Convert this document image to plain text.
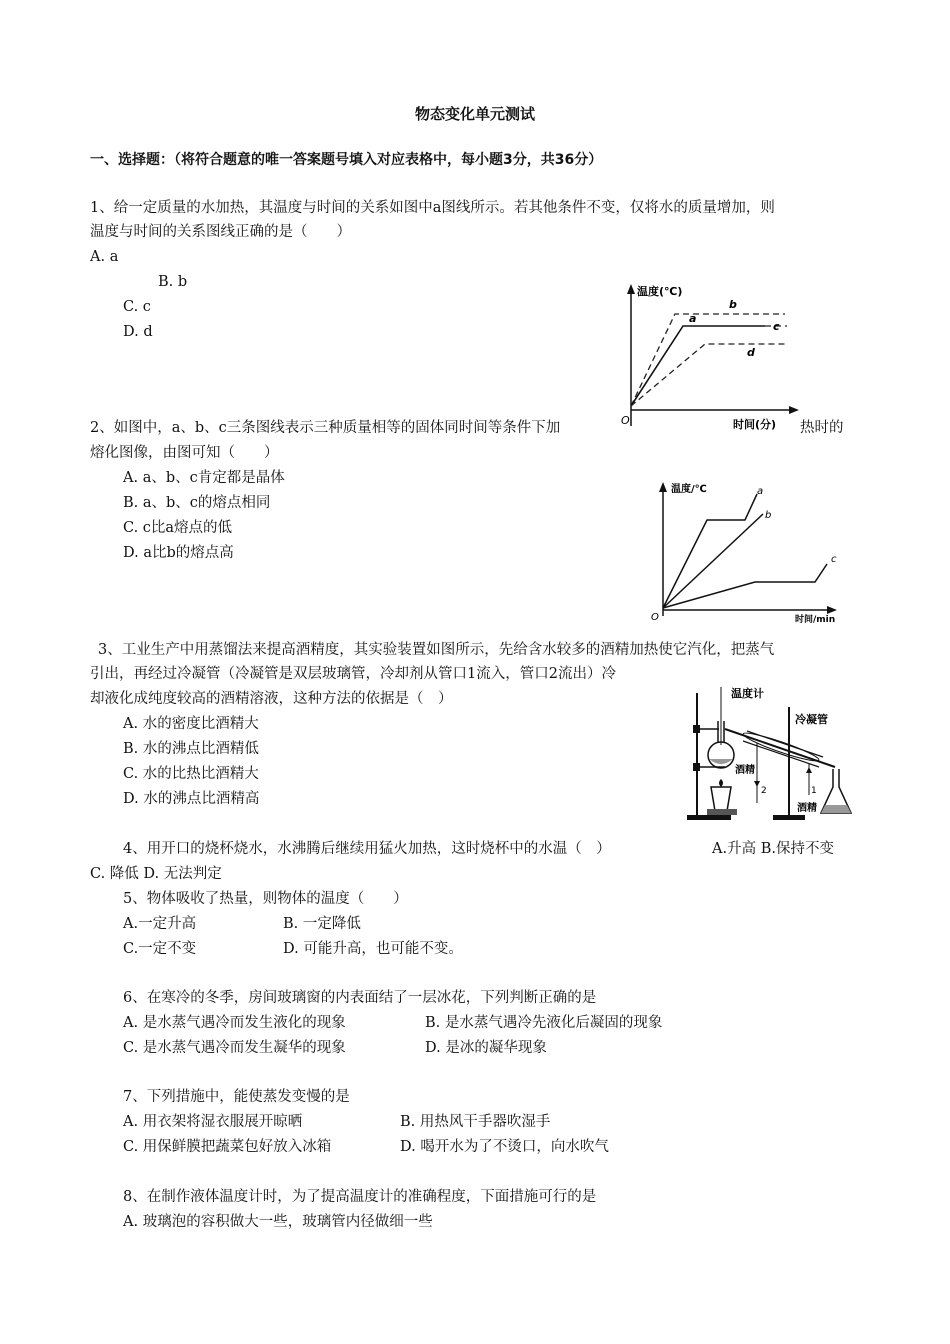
物态变化单元测试
一、选择题：（将符合题意的唯一答案题号填入对应表格中，每小题3分，共36分）
1、给一定质量的水加热，其温度与时间的关系如图中a图线所示。若其他条件不变，仅将水的质量增加，则
温度与时间的关系图线正确的是（　　）
A. a
B. b
C. c
D. d
温度(℃)
时间(分)
O
b
a
c
d
2、如图中，a、b、c三条图线表示三种质量相等的固体同时间等条件下加	热时的
熔化图像，由图可知（　　）
A. a、b、c肯定都是晶体
B. a、b、c的熔点相同
C. c比a熔点的低
D. a比b的熔点高
温度/℃
时间/min
O
a
b
c
3、工业生产中用蒸馏法来提高酒精度，其实验装置如图所示，先给含水较多的酒精加热使它汽化，把蒸气
引出，再经过冷凝管（冷凝管是双层玻璃管，冷却剂从管口1流入，管口2流出）冷
却液化成纯度较高的酒精溶液，这种方法的依据是（　）
A. 水的密度比酒精大
B. 水的沸点比酒精低
C. 水的比热比酒精大
D. 水的沸点比酒精高
温度计
冷凝管
酒精
酒精
1
2
4、用开口的烧杯烧水，水沸腾后继续用猛火加热，这时烧杯中的水温（　）	A.升高 B.保持不变
C. 降低 D. 无法判定
5、物体吸收了热量，则物体的温度（　　）
A.一定升高	B. 一定降低
C.一定不变	D. 可能升高，也可能不变。
6、在寒冷的冬季，房间玻璃窗的内表面结了一层冰花，下列判断正确的是
A. 是水蒸气遇冷而发生液化的现象	B. 是水蒸气遇冷先液化后凝固的现象
C. 是水蒸气遇冷而发生凝华的现象	D. 是冰的凝华现象
7、下列措施中，能使蒸发变慢的是
A. 用衣架将湿衣服展开晾晒	B. 用热风干手器吹湿手
C. 用保鲜膜把蔬菜包好放入冰箱	D. 喝开水为了不烫口，向水吹气
8、在制作液体温度计时，为了提高温度计的准确程度，下面措施可行的是
A. 玻璃泡的容积做大一些，玻璃管内径做细一些
